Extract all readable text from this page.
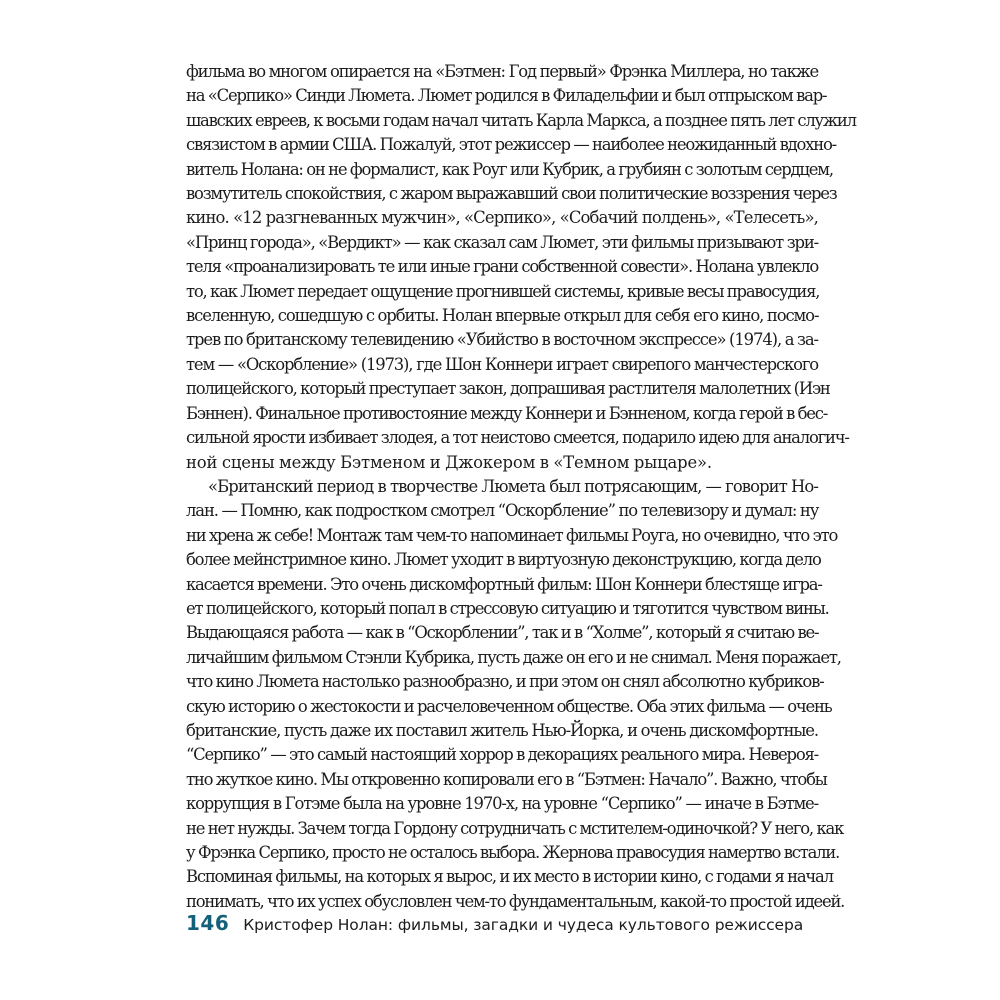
фильма во многом опирается на «Бэтмен: Год первый» Фрэнка Миллера, но также
на «Серпико» Синди Люмета. Люмет родился в Филадельфии и был отпрыском вар-
шавских евреев, к восьми годам начал читать Карла Маркса, а позднее пять лет служил
связистом в армии США. Пожалуй, этот режиссер — наиболее неожиданный вдохно-
витель Нолана: он не формалист, как Роуг или Кубрик, а грубиян с золотым сердцем,
возмутитель спокойствия, с жаром выражавший свои политические воззрения через
кино. «12 разгневанных мужчин», «Серпико», «Собачий полдень», «Телесеть»,
«Принц города», «Вердикт» — как сказал сам Люмет, эти фильмы призывают зри-
теля «проанализировать те или иные грани собственной совести». Нолана увлекло
то, как Люмет передает ощущение прогнившей системы, кривые весы правосудия,
вселенную, сошедшую с орбиты. Нолан впервые открыл для себя его кино, посмо-
трев по британскому телевидению «Убийство в восточном экспрессе» (1974), а за-
тем — «Оскорбление» (1973), где Шон Коннери играет свирепого манчестерского
полицейского, который преступает закон, допрашивая растлителя малолетних (Иэн
Бэннен). Финальное противостояние между Коннери и Бэнненом, когда герой в бес-
сильной ярости избивает злодея, а тот неистово смеется, подарило идею для аналогич-
ной сцены между Бэтменом и Джокером в «Темном рыцаре».
«Британский период в творчестве Люмета был потрясающим, — говорит Но-
лан. — Помню, как подростком смотрел “Оскорбление” по телевизору и думал: ну
ни хрена ж себе! Монтаж там чем-то напоминает фильмы Роуга, но очевидно, что это
более мейнстримное кино. Люмет уходит в виртуозную деконструкцию, когда дело
касается времени. Это очень дискомфортный фильм: Шон Коннери блестяще игра-
ет полицейского, который попал в стрессовую ситуацию и тяготится чувством вины.
Выдающаяся работа — как в “Оскорблении”, так и в “Холме”, который я считаю ве-
личайшим фильмом Стэнли Кубрика, пусть даже он его и не снимал. Меня поражает,
что кино Люмета настолько разнообразно, и при этом он снял абсолютно кубриков-
скую историю о жестокости и расчеловеченном обществе. Оба этих фильма — очень
британские, пусть даже их поставил житель Нью-Йорка, и очень дискомфортные.
“Серпико” — это самый настоящий хоррор в декорациях реального мира. Невероя-
тно жуткое кино. Мы откровенно копировали его в “Бэтмен: Начало”. Важно, чтобы
коррупция в Готэме была на уровне 1970-х, на уровне “Серпико” — иначе в Бэтме-
не нет нужды. Зачем тогда Гордону сотрудничать с мстителем-одиночкой? У него, как
у Фрэнка Серпико, просто не осталось выбора. Жернова правосудия намертво встали.
Вспоминая фильмы, на которых я вырос, и их место в истории кино, с годами я начал
понимать, что их успех обусловлен чем-то фундаментальным, какой-то простой идеей.
146 Кристофер Нолан: фильмы, загадки и чудеса культового режиссера
